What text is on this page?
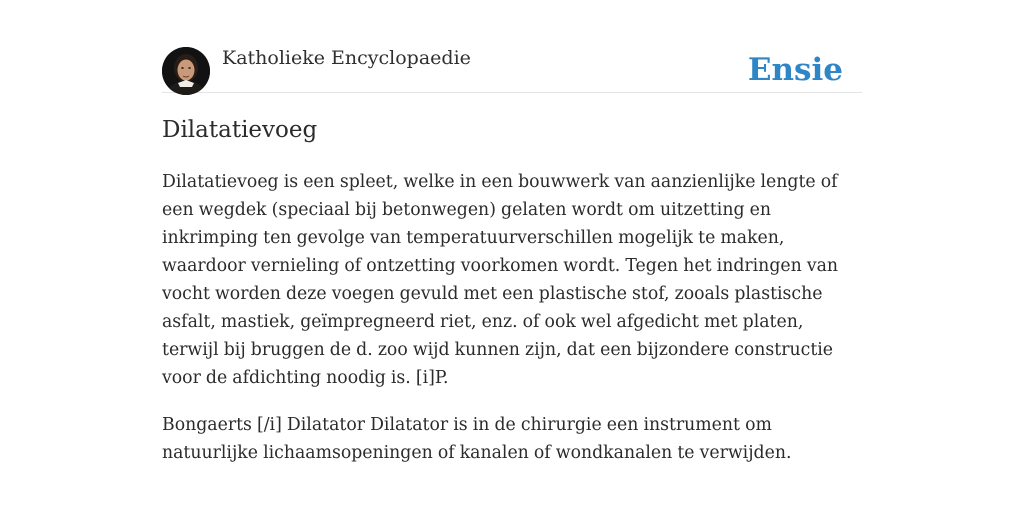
Katholieke Encyclopaedie	Ensie
Dilatatievoeg

Dilatatievoeg is een spleet, welke in een bouwwerk van aanzienlijke lengte of een wegdek (speciaal bij betonwegen) gelaten wordt om uitzetting en inkrimping ten gevolge van temperatuurverschillen mogelijk te maken, waardoor vernieling of ontzetting voorkomen wordt. Tegen het indringen van vocht worden deze voegen gevuld met een plastische stof, zooals plastische asfalt, mastiek, geïmpregneerd riet, enz. of ook wel afgedicht met platen, terwijl bij bruggen de d. zoo wijd kunnen zijn, dat een bijzondere constructie voor de afdichting noodig is. [i]P.

Bongaerts [/i] Dilatator Dilatator is in de chirurgie een instrument om natuurlijke lichaamsopeningen of kanalen of wondkanalen te verwijden.
